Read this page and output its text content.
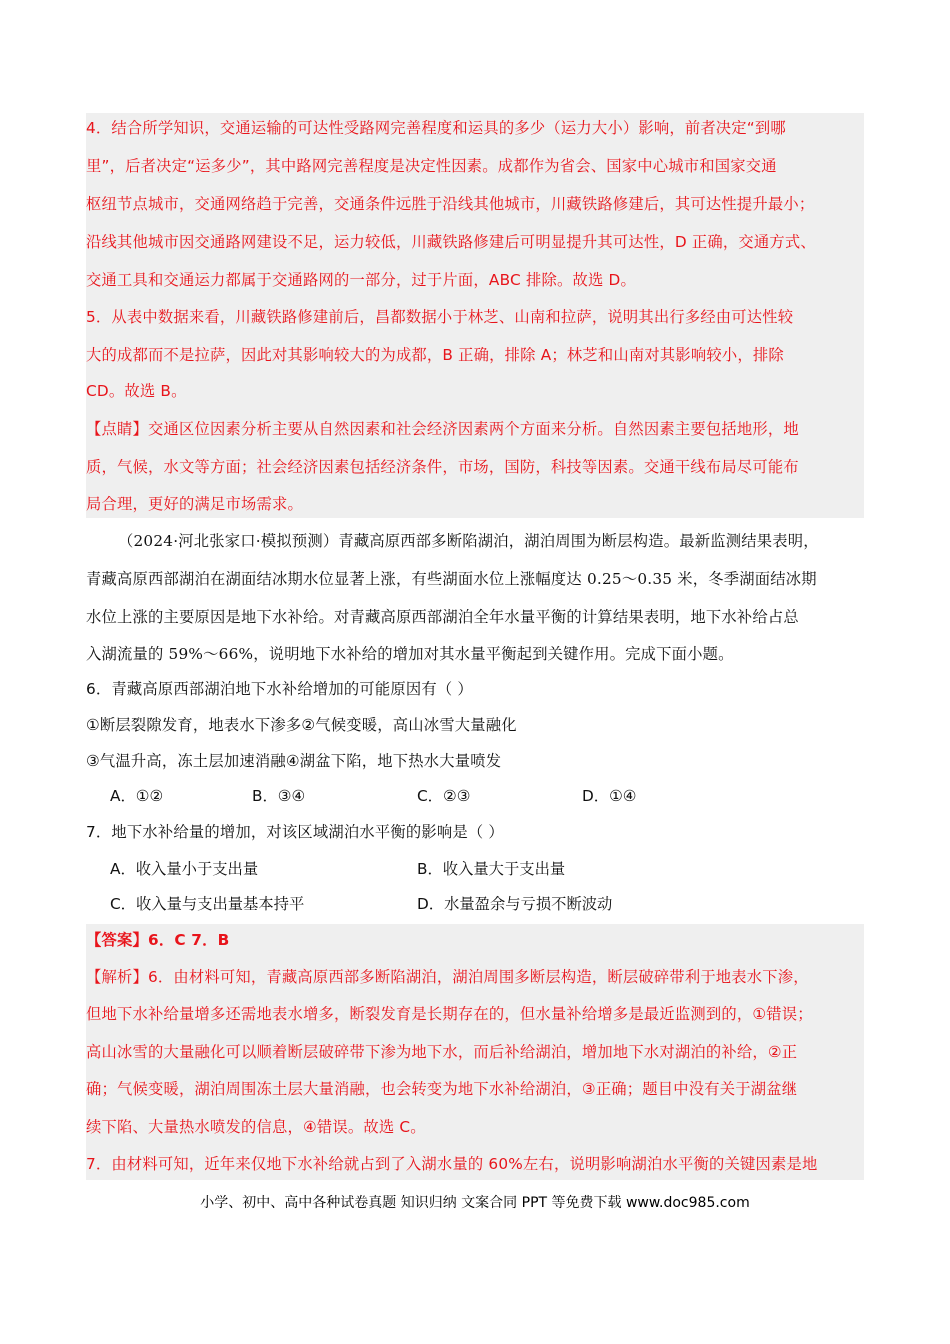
4．结合所学知识，交通运输的可达性受路网完善程度和运具的多少（运力大小）影响，前者决定“到哪
里”，后者决定“运多少”，其中路网完善程度是决定性因素。成都作为省会、国家中心城市和国家交通
枢纽节点城市，交通网络趋于完善，交通条件远胜于沿线其他城市，川藏铁路修建后，其可达性提升最小；
沿线其他城市因交通路网建设不足，运力较低，川藏铁路修建后可明显提升其可达性，D 正确，交通方式、
交通工具和交通运力都属于交通路网的一部分，过于片面，ABC 排除。故选 D。
5．从表中数据来看，川藏铁路修建前后，昌都数据小于林芝、山南和拉萨，说明其出行多经由可达性较
大的成都而不是拉萨，因此对其影响较大的为成都，B 正确，排除 A；林芝和山南对其影响较小，排除
CD。故选 B。
【点睛】交通区位因素分析主要从自然因素和社会经济因素两个方面来分析。自然因素主要包括地形，地
质，气候，水文等方面；社会经济因素包括经济条件，市场，国防，科技等因素。交通干线布局尽可能布
局合理，更好的满足市场需求。
（2024·河北张家口·模拟预测）青藏高原西部多断陷湖泊，湖泊周围为断层构造。最新监测结果表明，
青藏高原西部湖泊在湖面结冰期水位显著上涨，有些湖面水位上涨幅度达 0.25～0.35 米，冬季湖面结冰期
水位上涨的主要原因是地下水补给。对青藏高原西部湖泊全年水量平衡的计算结果表明，地下水补给占总
入湖流量的 59%～66%，说明地下水补给的增加对其水量平衡起到关键作用。完成下面小题。
6．青藏高原西部湖泊地下水补给增加的可能原因有（ ）
①断层裂隙发育，地表水下渗多②气候变暖，高山冰雪大量融化
③气温升高，冻土层加速消融④湖盆下陷，地下热水大量喷发
A．①②	B．③④	C．②③	D．①④
7．地下水补给量的增加，对该区域湖泊水平衡的影响是（ ）
A．收入量小于支出量	B．收入量大于支出量
C．收入量与支出量基本持平	D．水量盈余与亏损不断波动
【答案】6．C 7．B
【解析】6．由材料可知，青藏高原西部多断陷湖泊，湖泊周围多断层构造，断层破碎带利于地表水下渗，
但地下水补给量增多还需地表水增多，断裂发育是长期存在的，但水量补给增多是最近监测到的，①错误；
高山冰雪的大量融化可以顺着断层破碎带下渗为地下水，而后补给湖泊，增加地下水对湖泊的补给，②正
确；气候变暖，湖泊周围冻土层大量消融，也会转变为地下水补给湖泊，③正确；题目中没有关于湖盆继
续下陷、大量热水喷发的信息，④错误。故选 C。
7．由材料可知，近年来仅地下水补给就占到了入湖水量的 60%左右，说明影响湖泊水平衡的关键因素是地
小学、初中、高中各种试卷真题 知识归纳 文案合同 PPT 等免费下载 www.doc985.com
